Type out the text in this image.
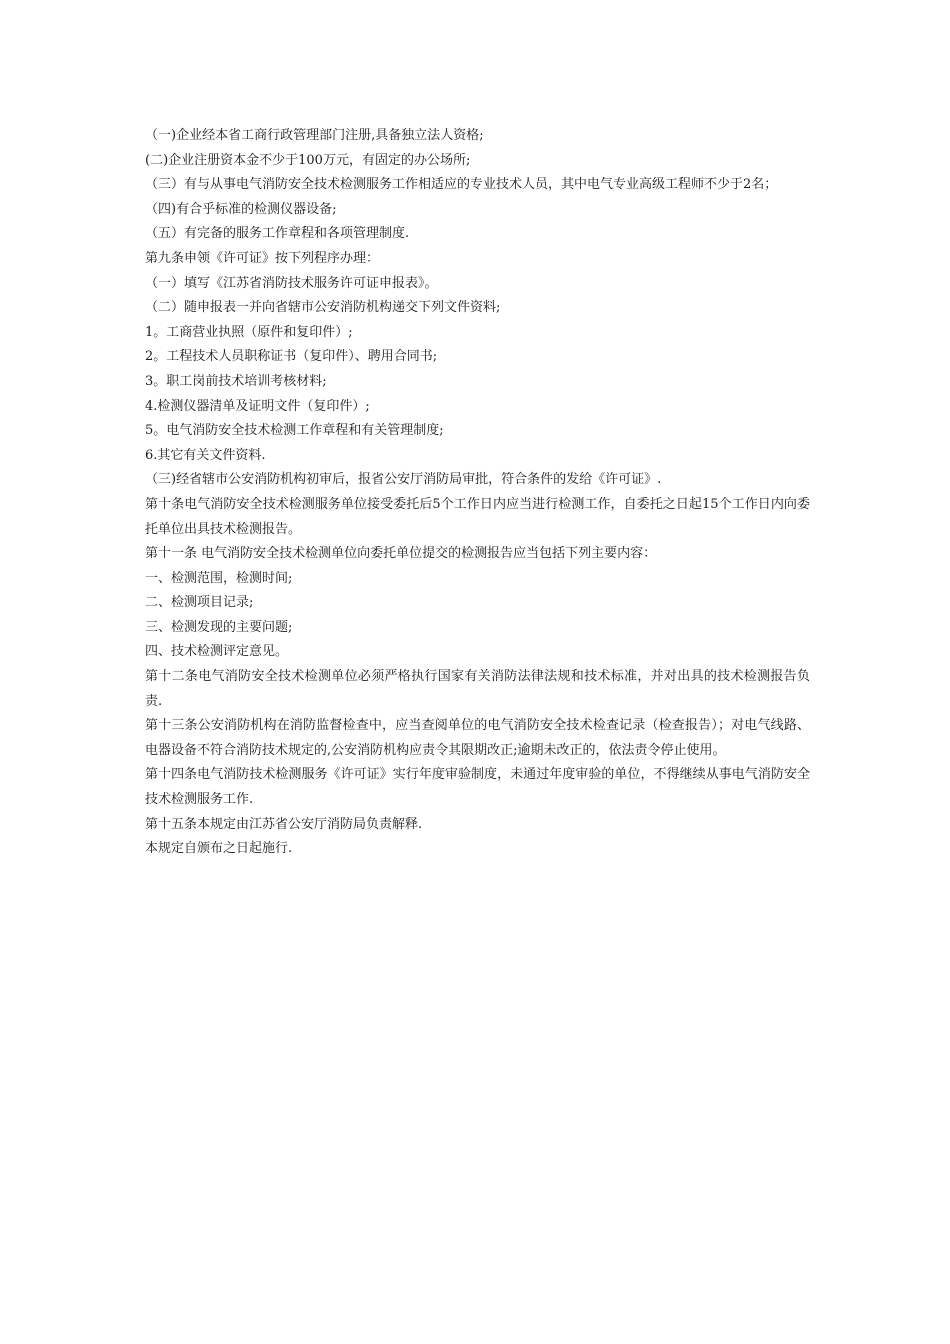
（一)企业经本省工商行政管理部门注册,具备独立法人资格;

(二)企业注册资本金不少于100万元，有固定的办公场所;

（三）有与从事电气消防安全技术检测服务工作相适应的专业技术人员，其中电气专业高级工程师不少于2名；

（四)有合乎标准的检测仪器设备;

（五）有完备的服务工作章程和各项管理制度.

第九条申领《许可证》按下列程序办理：

（一）填写《江苏省消防技术服务许可证申报表》。

（二）随申报表一并向省辖市公安消防机构递交下列文件资料;

1。工商营业执照（原件和复印件）;

2。工程技术人员职称证书（复印件）、聘用合同书;

3。职工岗前技术培训考核材料;

4.检测仪器清单及证明文件（复印件）;

5。电气消防安全技术检测工作章程和有关管理制度;

6.其它有关文件资料.

（三)经省辖市公安消防机构初审后，报省公安厅消防局审批，符合条件的发给《许可证》.

第十条电气消防安全技术检测服务单位接受委托后5个工作日内应当进行检测工作，自委托之日起15个工作日内向委托单位出具技术检测报告。

第十一条 电气消防安全技术检测单位向委托单位提交的检测报告应当包括下列主要内容：

一、检测范围，检测时间;

二、检测项目记录;

三、检测发现的主要问题;

四、技术检测评定意见。

第十二条电气消防安全技术检测单位必须严格执行国家有关消防法律法规和技术标准，并对出具的技术检测报告负责.

第十三条公安消防机构在消防监督检查中，应当查阅单位的电气消防安全技术检查记录（检查报告）；对电气线路、电器设备不符合消防技术规定的,公安消防机构应责令其限期改正;逾期未改正的，依法责令停止使用。

第十四条电气消防技术检测服务《许可证》实行年度审验制度，未通过年度审验的单位，不得继续从事电气消防安全技术检测服务工作.

第十五条本规定由江苏省公安厅消防局负责解释.

本规定自颁布之日起施行.
